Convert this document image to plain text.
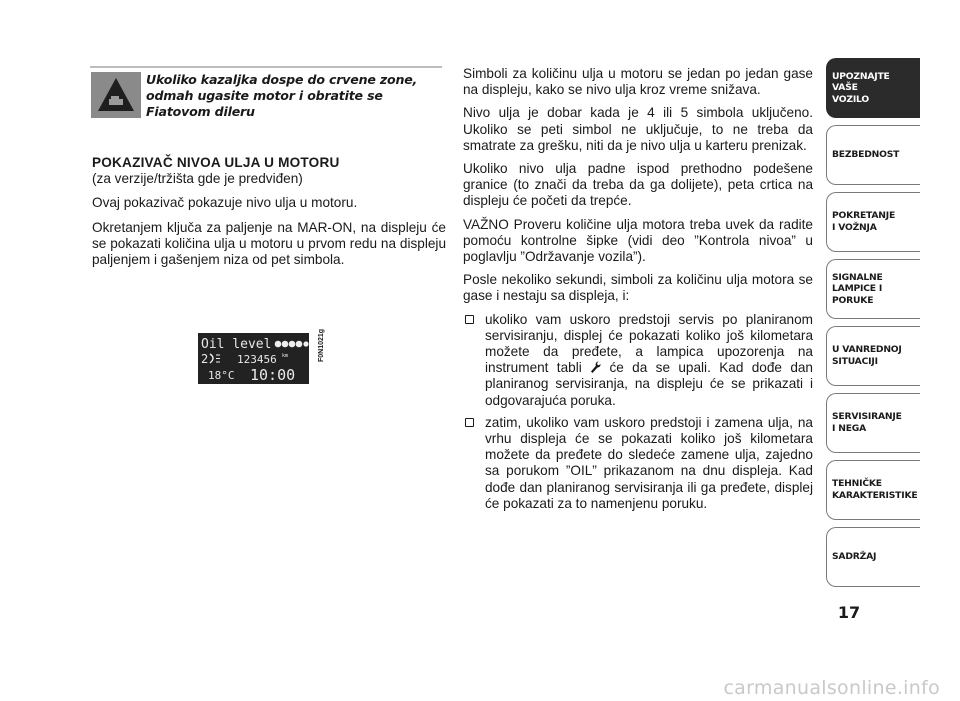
Ukoliko kazaljka dospe do crvene zone, odmah ugasite motor i obratite se Fiatovom dileru
POKAZIVAČ NIVOA ULJA U MOTORU
(za verzije/tržišta gde je predviđen)

Ovaj pokazivač pokazuje nivo ulja u motoru.

Okretanjem ključa za paljenje na MAR-ON, na displeju će se pokazati količina ulja u motoru u prvom redu na displeju paljenjem i gašenjem niza od pet simbola.

Oil level
2	123456 km
18°C 10:00
F0N1021g

Simboli za količinu ulja u motoru se jedan po jedan gase na displeju, kako se nivo ulja kroz vreme snižava.

Nivo ulja je dobar kada je 4 ili 5 simbola uključeno. Ukoliko se peti simbol ne uključuje, to ne treba da smatrate za grešku, niti da je nivo ulja u karteru prenizak.

Ukoliko nivo ulja padne ispod prethodno podešene granice (to znači da treba da ga dolijete), peta crtica na displeju će početi da trepće.

VAŽNO Proveru količine ulja motora treba uvek da radite pomoću kontrolne šipke (vidi deo ”Kontrola nivoa” u poglavlju ”Održavanje vozila”).

Posle nekoliko sekundi, simboli za količinu ulja motora se gase i nestaju sa displeja, i:

ukoliko vam uskoro predstoji servis po planiranom servisiranju, displej će pokazati koliko još kilometara možete da pređete, a lampica upozorenja na instrument tabli će da se upali. Kad dođe dan planiranog servisiranja, na displeju će se prikazati i odgovarajuća poruka.
zatim, ukoliko vam uskoro predstoji i zamena ulja, na vrhu displeja će se pokazati koliko još kilometara možete da pređete do sledeće zamene ulja, zajedno sa porukom ”OIL” prikazanom na dnu displeja. Kad dođe dan planiranog servisiranja ili ga pređete, displej će pokazati za to namenjenu poruku.
UPOZNAJTE
VAŠE
VOZILO
BEZBEDNOST
POKRETANJE
I VOŽNJA
SIGNALNE
LAMPICE I PORUKE
U VANREDNOJ
SITUACIJI
SERVISIRANJE
I NEGA
TEHNIČKE
KARAKTERISTIKE
SADRŽAJ
17
carmanualsonline.info
